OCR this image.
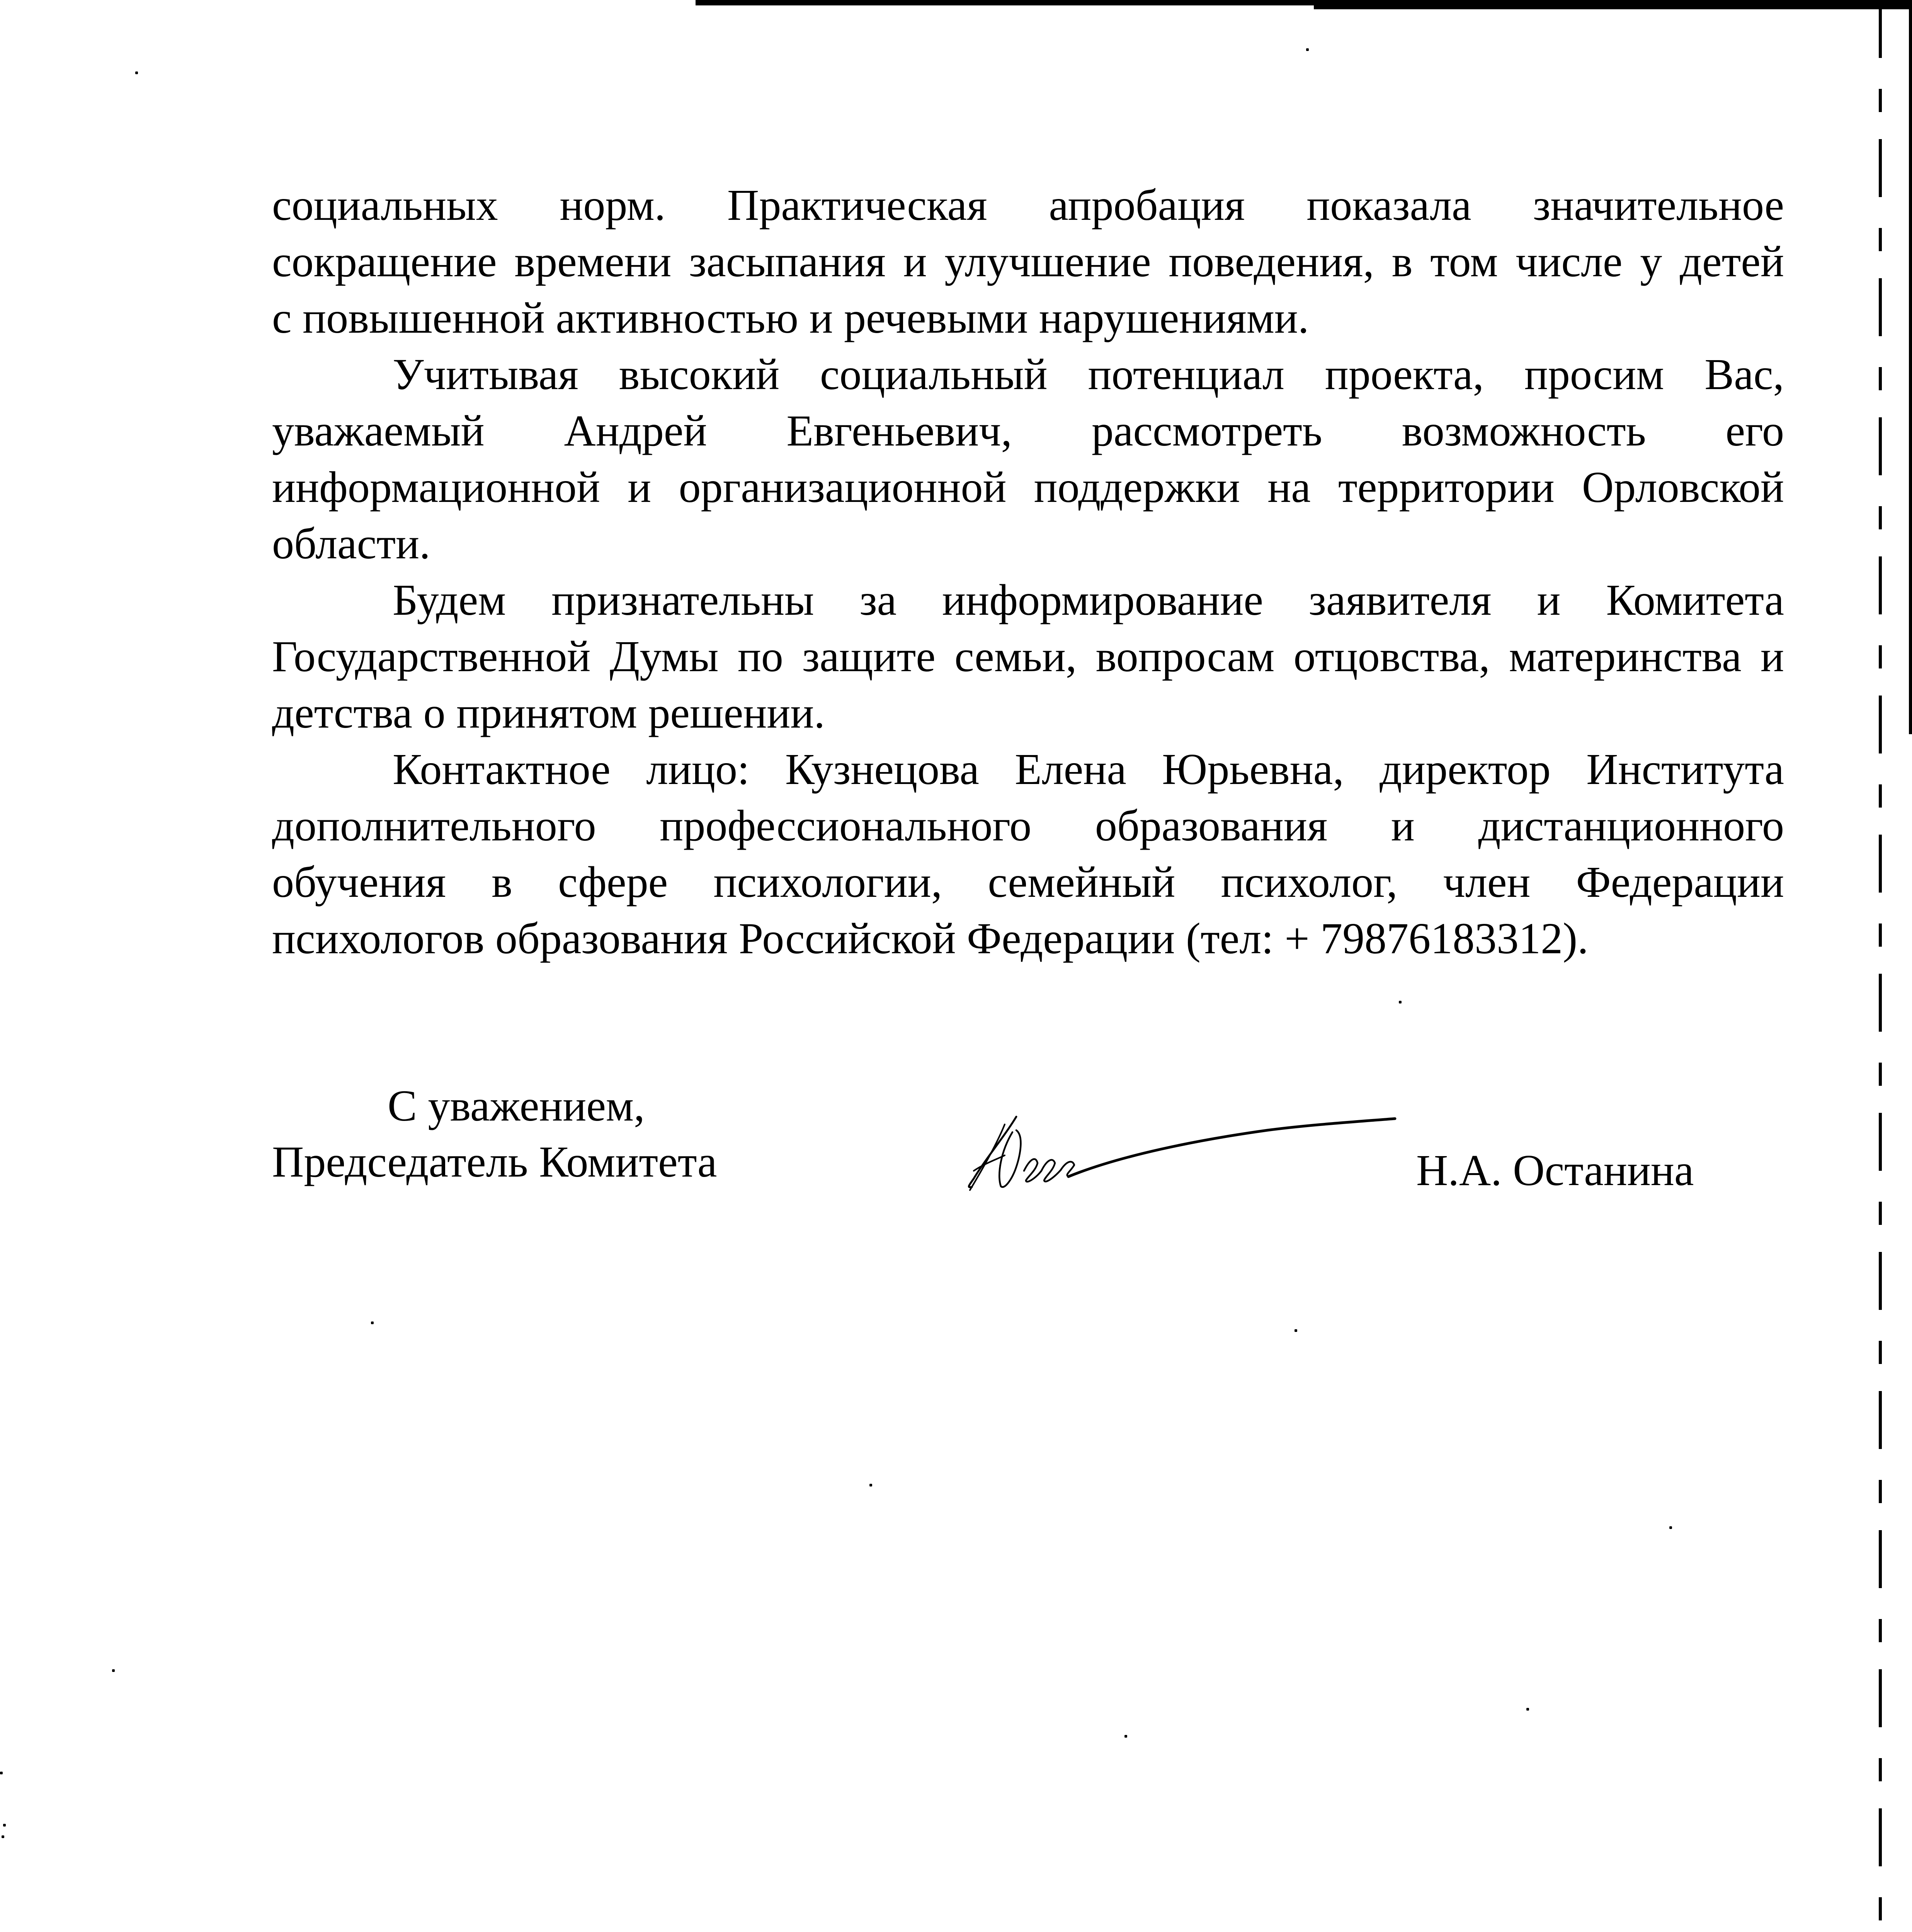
социальных норм. Практическая апробация показала значительное
сокращение времени засыпания и улучшение поведения, в том числе у детей
с повышенной активностью и речевыми нарушениями.
Учитывая высокий социальный потенциал проекта, просим Вас,
уважаемый Андрей Евгеньевич, рассмотреть возможность его
информационной и организационной поддержки на территории Орловской
области.
Будем признательны за информирование заявителя и Комитета
Государственной Думы по защите семьи, вопросам отцовства, материнства и
детства о принятом решении.
Контактное лицо: Кузнецова Елена Юрьевна, директор Института
дополнительного профессионального образования и дистанционного
обучения в сфере психологии, семейный психолог, член Федерации
психологов образования Российской Федерации (тел: + 79876183312).
С уважением,
Председатель Комитета	Н.А. Останина
